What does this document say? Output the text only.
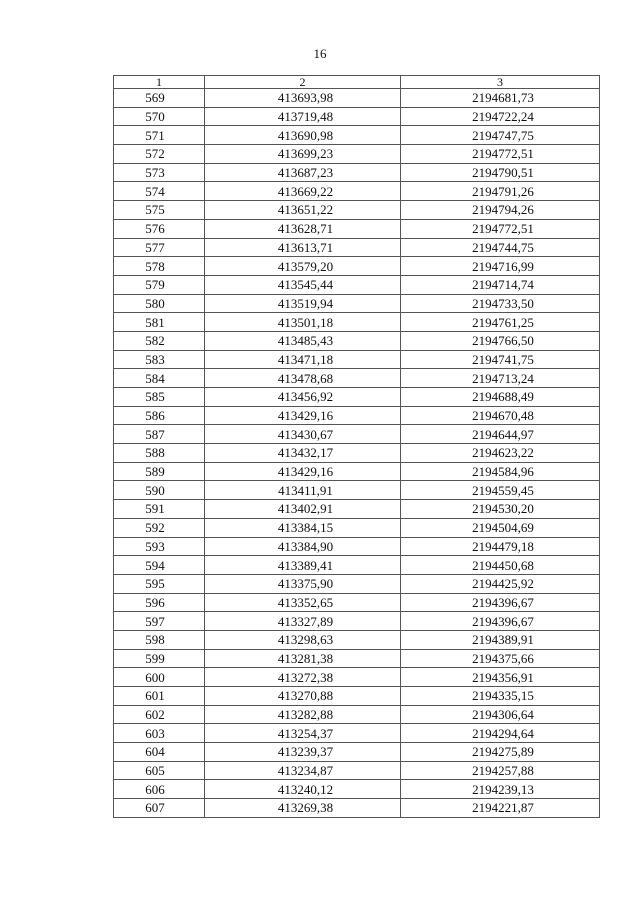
16
1	2	3
569	413693,98	2194681,73
570	413719,48	2194722,24
571	413690,98	2194747,75
572	413699,23	2194772,51
573	413687,23	2194790,51
574	413669,22	2194791,26
575	413651,22	2194794,26
576	413628,71	2194772,51
577	413613,71	2194744,75
578	413579,20	2194716,99
579	413545,44	2194714,74
580	413519,94	2194733,50
581	413501,18	2194761,25
582	413485,43	2194766,50
583	413471,18	2194741,75
584	413478,68	2194713,24
585	413456,92	2194688,49
586	413429,16	2194670,48
587	413430,67	2194644,97
588	413432,17	2194623,22
589	413429,16	2194584,96
590	413411,91	2194559,45
591	413402,91	2194530,20
592	413384,15	2194504,69
593	413384,90	2194479,18
594	413389,41	2194450,68
595	413375,90	2194425,92
596	413352,65	2194396,67
597	413327,89	2194396,67
598	413298,63	2194389,91
599	413281,38	2194375,66
600	413272,38	2194356,91
601	413270,88	2194335,15
602	413282,88	2194306,64
603	413254,37	2194294,64
604	413239,37	2194275,89
605	413234,87	2194257,88
606	413240,12	2194239,13
607	413269,38	2194221,87
